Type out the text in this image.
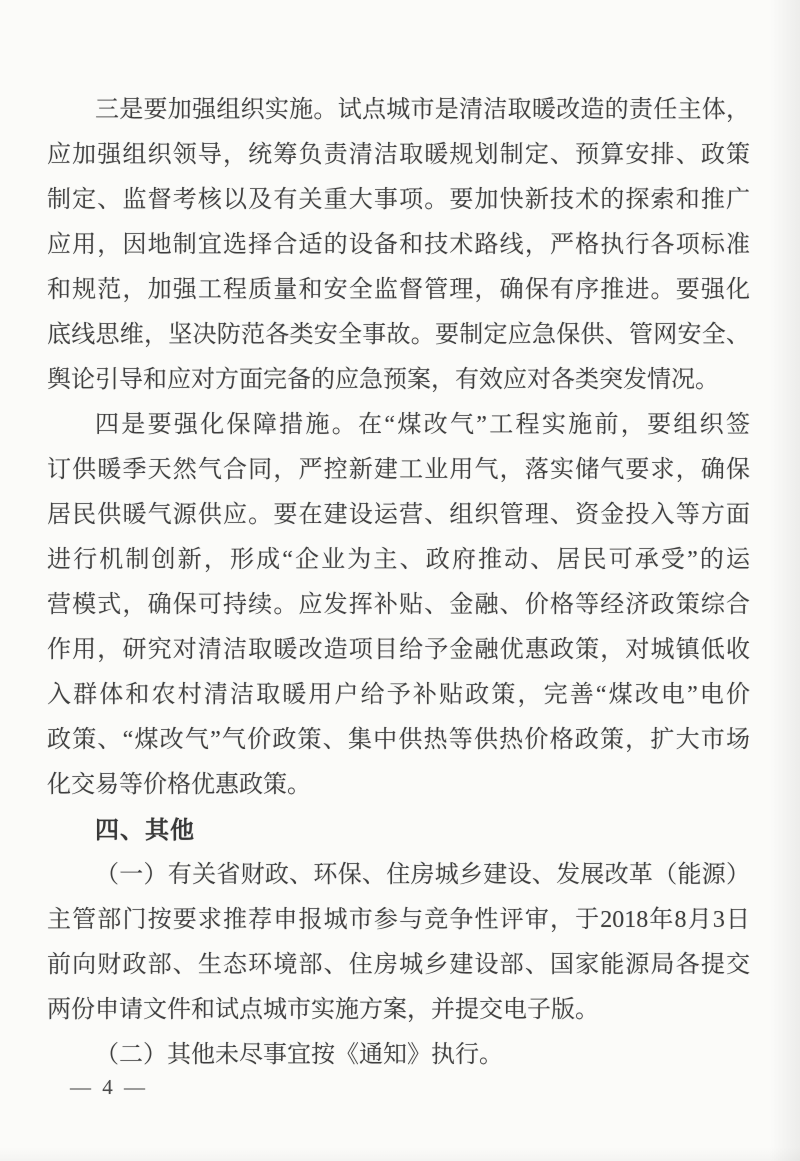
三是要加强组织实施。试点城市是清洁取暖改造的责任主体，
应加强组织领导，统筹负责清洁取暖规划制定、预算安排、政策
制定、监督考核以及有关重大事项。要加快新技术的探索和推广
应用，因地制宜选择合适的设备和技术路线，严格执行各项标准
和规范，加强工程质量和安全监督管理，确保有序推进。要强化
底线思维，坚决防范各类安全事故。要制定应急保供、管网安全、
舆论引导和应对方面完备的应急预案，有效应对各类突发情况。
四是要强化保障措施。在“煤改气”工程实施前，要组织签
订供暖季天然气合同，严控新建工业用气，落实储气要求，确保
居民供暖气源供应。要在建设运营、组织管理、资金投入等方面
进行机制创新，形成“企业为主、政府推动、居民可承受”的运
营模式，确保可持续。应发挥补贴、金融、价格等经济政策综合
作用，研究对清洁取暖改造项目给予金融优惠政策，对城镇低收
入群体和农村清洁取暖用户给予补贴政策，完善“煤改电”电价
政策、“煤改气”气价政策、集中供热等供热价格政策，扩大市场
化交易等价格优惠政策。
四、其他
（一）有关省财政、环保、住房城乡建设、发展改革（能源）
主管部门按要求推荐申报城市参与竞争性评审，于2018年8月3日
前向财政部、生态环境部、住房城乡建设部、国家能源局各提交
两份申请文件和试点城市实施方案，并提交电子版。
（二）其他未尽事宜按《通知》执行。
— 4 —
